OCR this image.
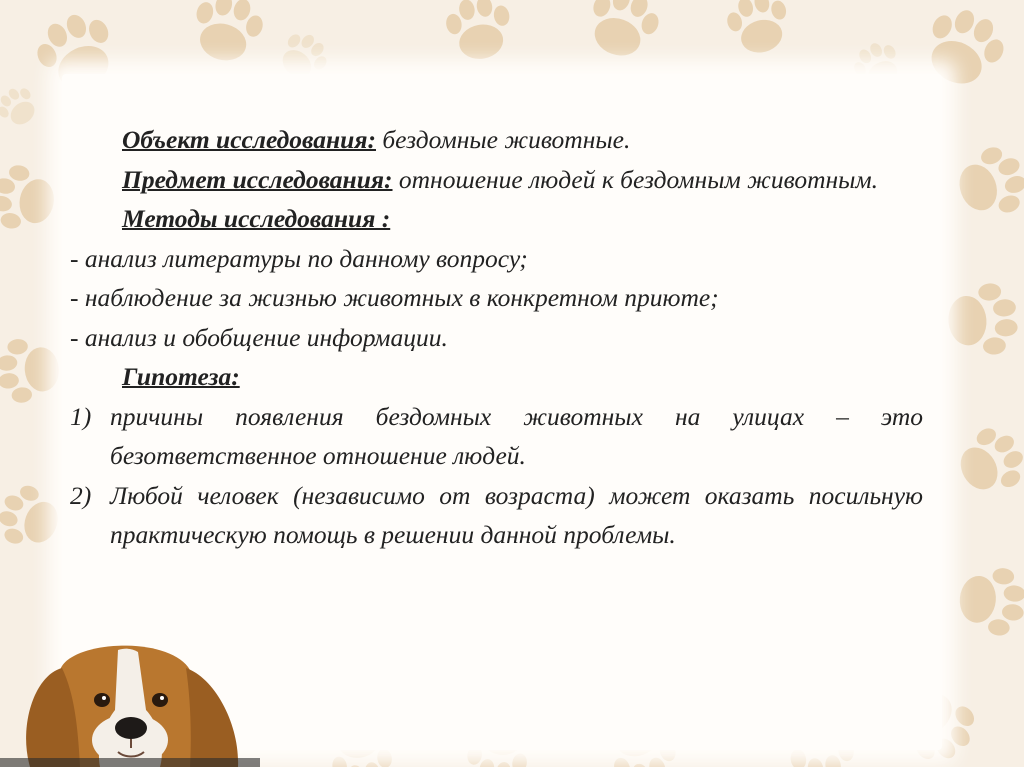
Объект исследования: бездомные животные.

Предмет исследования: отношение людей к бездомным животным.

Методы исследования :

- анализ литературы по данному вопросу;

- наблюдение за жизнью животных в конкретном приюте;

- анализ и обобщение информации.

Гипотеза:

1) причины появления бездомных животных на улицах – это безответственное отношение людей.
2) Любой человек (независимо от возраста) может оказать посильную практическую помощь в решении данной проблемы.
